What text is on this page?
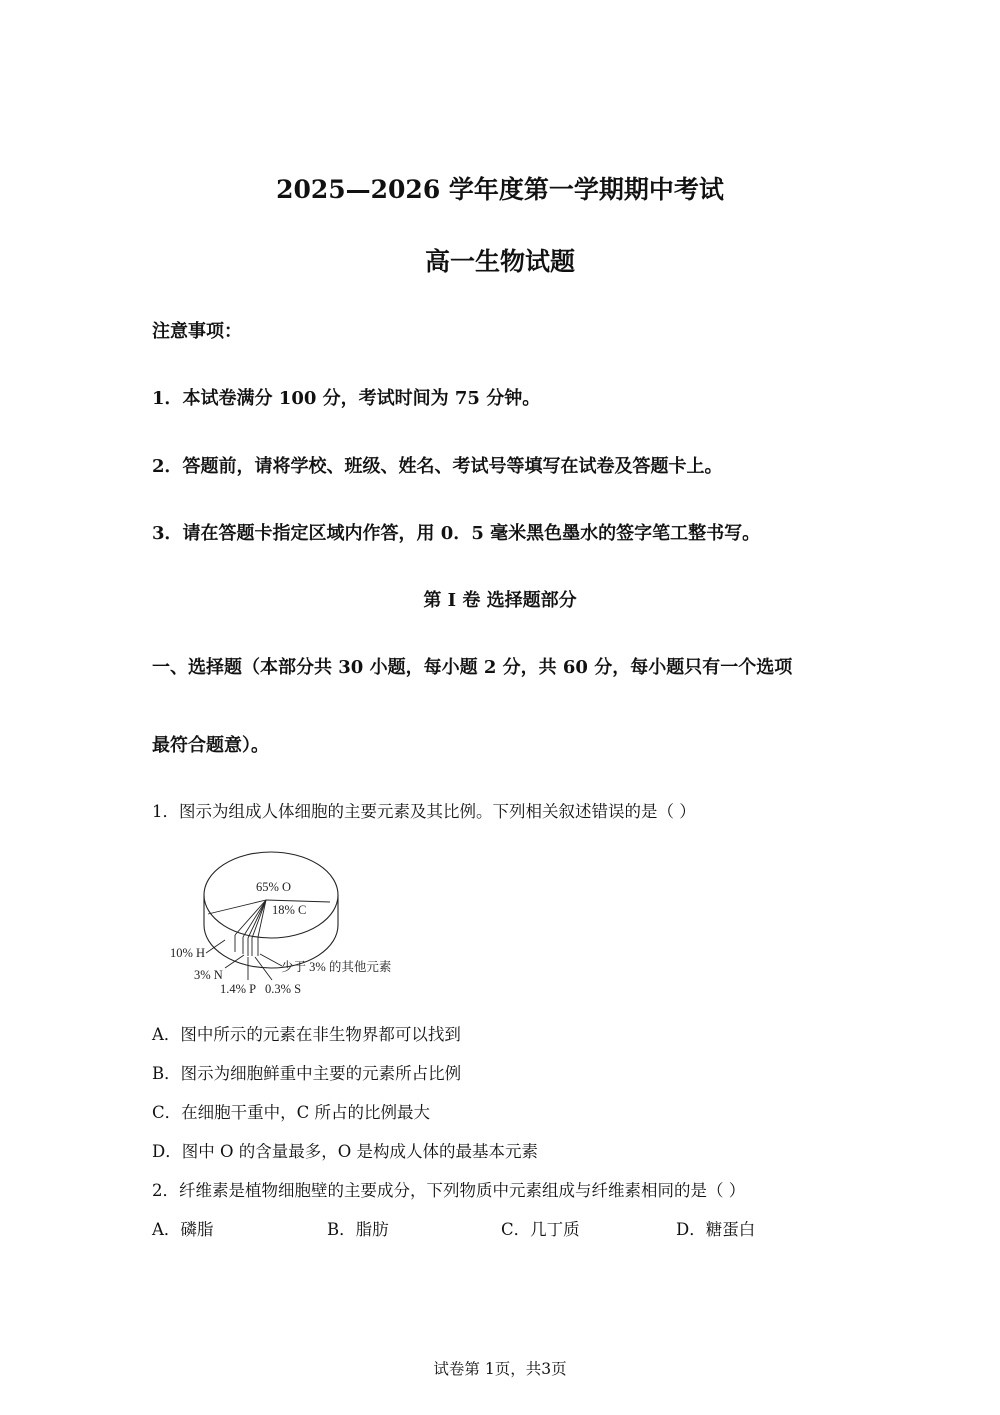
2025—2026 学年度第一学期期中考试
高一生物试题
注意事项：
1．本试卷满分 100 分，考试时间为 75 分钟。
2．答题前，请将学校、班级、姓名、考试号等填写在试卷及答题卡上。
3．请在答题卡指定区域内作答，用 0．5 毫米黑色墨水的签字笔工整书写。
第 I 卷 选择题部分
一、选择题（本部分共 30 小题，每小题 2 分，共 60 分，每小题只有一个选项
最符合题意）。
1．图示为组成人体细胞的主要元素及其比例。下列相关叙述错误的是（ ）
65% O
18% C
10% H
3% N
1.4% P 0.3% S
少于 3% 的其他元素
A．图中所示的元素在非生物界都可以找到
B．图示为细胞鲜重中主要的元素所占比例
C．在细胞干重中，C 所占的比例最大
D．图中 O 的含量最多，O 是构成人体的最基本元素
2．纤维素是植物细胞壁的主要成分，下列物质中元素组成与纤维素相同的是（ ）
A．磷脂	B．脂肪	C．几丁质	D．糖蛋白
试卷第 1页，共3页
